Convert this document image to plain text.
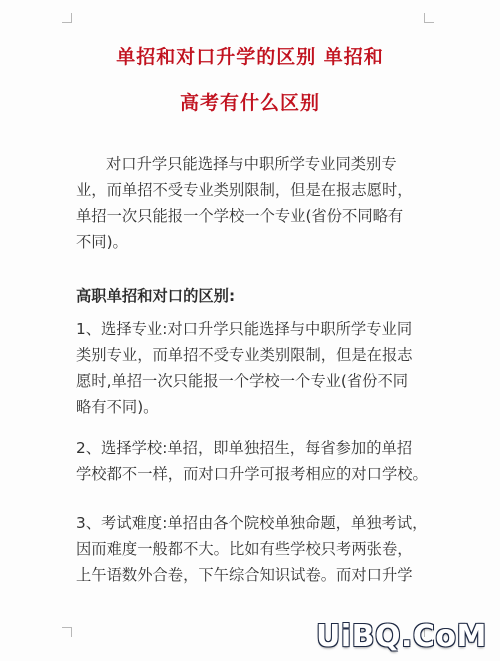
单招和对口升学的区别 单招和
高考有什么区别
对口升学只能选择与中职所学专业同类别专
业，而单招不受专业类别限制，但是在报志愿时，
单招一次只能报一个学校一个专业(省份不同略有
不同)。
高职单招和对口的区别:
1、选择专业:对口升学只能选择与中职所学专业同
类别专业，而单招不受专业类别限制，但是在报志
愿时,单招一次只能报一个学校一个专业(省份不同
略有不同)。
2、选择学校:单招，即单独招生，每省参加的单招
学校都不一样，而对口升学可报考相应的对口学校。
3、考试难度:单招由各个院校单独命题，单独考试，
因而难度一般都不大。比如有些学校只考两张卷，
上午语数外合卷，下午综合知识试卷。而对口升学
UiBQ.CoM
